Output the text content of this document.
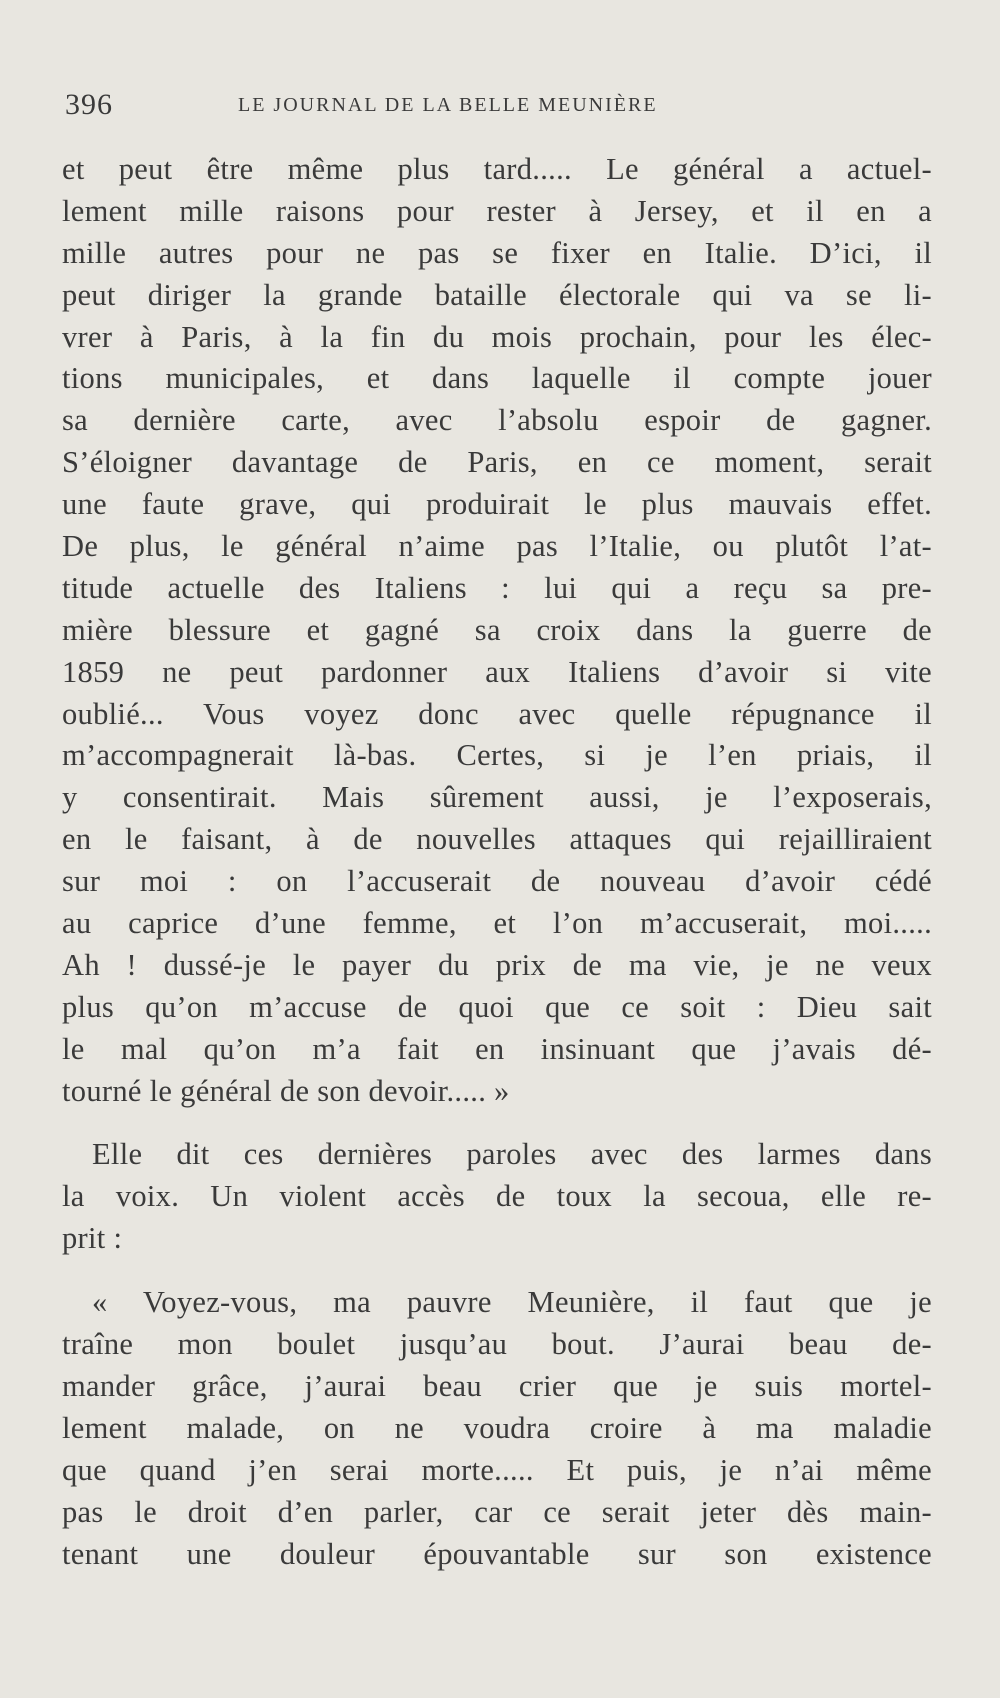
396	LE JOURNAL DE LA BELLE MEUNIÈRE
et peut être même plus tard..... Le général a actuel-
lement mille raisons pour rester à Jersey, et il en a
mille autres pour ne pas se fixer en Italie. D’ici, il
peut diriger la grande bataille électorale qui va se li-
vrer à Paris, à la fin du mois prochain, pour les élec-
tions municipales, et dans laquelle il compte jouer
sa dernière carte, avec l’absolu espoir de gagner.
S’éloigner davantage de Paris, en ce moment, serait
une faute grave, qui produirait le plus mauvais effet.
De plus, le général n’aime pas l’Italie, ou plutôt l’at-
titude actuelle des Italiens : lui qui a reçu sa pre-
mière blessure et gagné sa croix dans la guerre de
1859 ne peut pardonner aux Italiens d’avoir si vite
oublié... Vous voyez donc avec quelle répugnance il
m’accompagnerait là-bas. Certes, si je l’en priais, il
y consentirait. Mais sûrement aussi, je l’exposerais,
en le faisant, à de nouvelles attaques qui rejailliraient
sur moi : on l’accuserait de nouveau d’avoir cédé
au caprice d’une femme, et l’on m’accuserait, moi.....
Ah ! dussé-je le payer du prix de ma vie, je ne veux
plus qu’on m’accuse de quoi que ce soit : Dieu sait
le mal qu’on m’a fait en insinuant que j’avais dé-
tourné le général de son devoir..... »
Elle dit ces dernières paroles avec des larmes dans
la voix. Un violent accès de toux la secoua, elle re-
prit :
« Voyez-vous, ma pauvre Meunière, il faut que je
traîne mon boulet jusqu’au bout. J’aurai beau de-
mander grâce, j’aurai beau crier que je suis mortel-
lement malade, on ne voudra croire à ma maladie
que quand j’en serai morte..... Et puis, je n’ai même
pas le droit d’en parler, car ce serait jeter dès main-
tenant une douleur épouvantable sur son existence
